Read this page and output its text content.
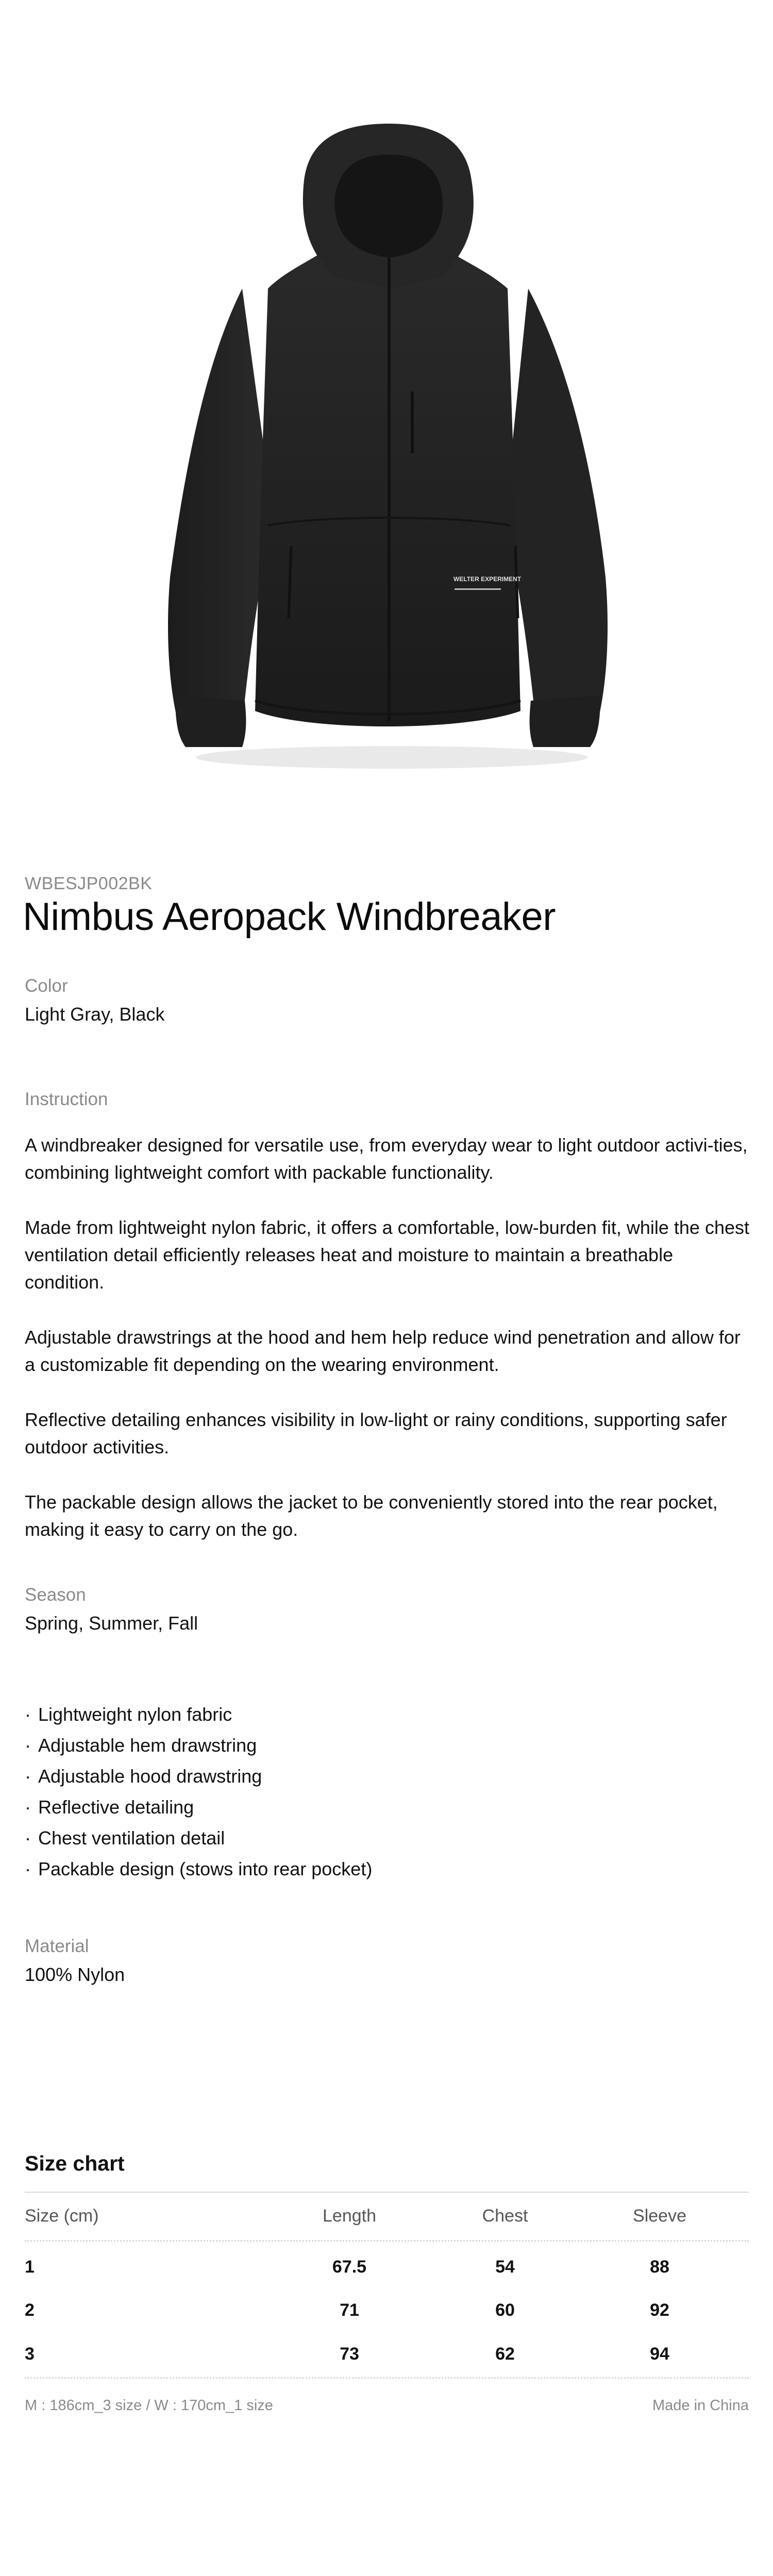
WELTER EXPERIMENT
WBESJP002BK
Nimbus Aeropack Windbreaker
Color
Light Gray, Black
Instruction

A windbreaker designed for versatile use, from everyday wear to light outdoor activi-ties, combining lightweight comfort with packable functionality.

Made from lightweight nylon fabric, it offers a comfortable, low-burden fit, while the chest ventilation detail efficiently releases heat and moisture to maintain a breathable condition.

Adjustable drawstrings at the hood and hem help reduce wind penetration and allow for a customizable fit depending on the wearing environment.

Reflective detailing enhances visibility in low-light or rainy conditions, supporting safer outdoor activities.

The packable design allows the jacket to be conveniently stored into the rear pocket, making it easy to carry on the go.

Season
Spring, Summer, Fall
· Lightweight nylon fabric
· Adjustable hem drawstring
· Adjustable hood drawstring
· Reflective detailing
· Chest ventilation detail
· Packable design (stows into rear pocket)
Material
100% Nylon
Size chart
Size (cm)	Length	Chest	Sleeve
1	67.5	54	88
2	71	60	92
3	73	62	94
M : 186cm_3 size / W : 170cm_1 size	Made in China
